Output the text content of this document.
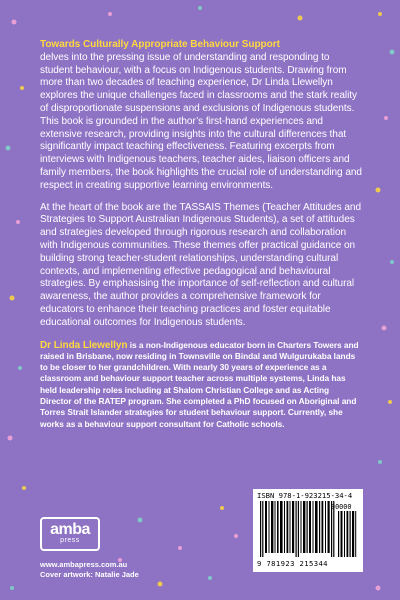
Towards Culturally Appropriate Behaviour Support
delves into the pressing issue of understanding and responding to student behaviour, with a focus on Indigenous students. Drawing from more than two decades of teaching experience, Dr Linda Llewellyn explores the unique challenges faced in classrooms and the stark reality of disproportionate suspensions and exclusions of Indigenous students. This book is grounded in the author’s first-hand experiences and extensive research, providing insights into the cultural differences that significantly impact teaching effectiveness. Featuring excerpts from interviews with Indigenous teachers, teacher aides, liaison officers and family members, the book highlights the crucial role of understanding and respect in creating supportive learning environments.

At the heart of the book are the TASSAIS Themes (Teacher Attitudes and Strategies to Support Australian Indigenous Students), a set of attitudes and strategies developed through rigorous research and collaboration with Indigenous communities. These themes offer practical guidance on building strong teacher-student relationships, understanding cultural contexts, and implementing effective pedagogical and behavioural strategies. By emphasising the importance of self-reflection and cultural awareness, the author provides a comprehensive framework for educators to enhance their teaching practices and foster equitable educational outcomes for Indigenous students.

Dr Linda Llewellyn is a non-Indigenous educator born in Charters Towers and raised in Brisbane, now residing in Townsville on Bindal and Wulgurukaba lands to be closer to her grandchildren. With nearly 30 years of experience as a classroom and behaviour support teacher across multiple systems, Linda has held leadership roles including at Shalom Christian College and as Acting Director of the RATEP program. She completed a PhD focused on Aboriginal and Torres Strait Islander strategies for student behaviour support. Currently, she works as a behaviour support consultant for Catholic schools.

amba
press
www.ambapress.com.au
Cover artwork: Natalie Jade
ISBN 978-1-923215-34-4
90000
9 781923 215344
